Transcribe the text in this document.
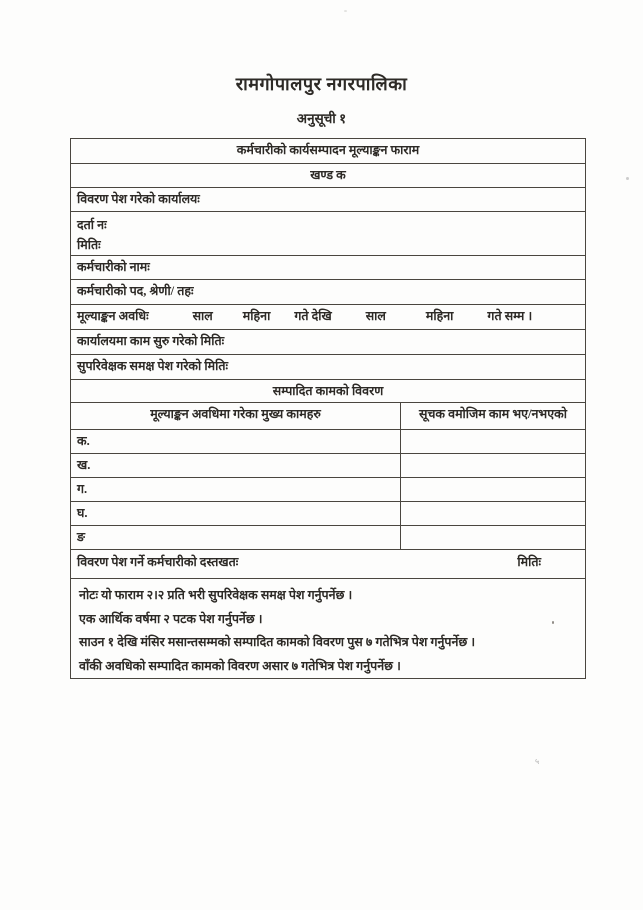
रामगोपालपुर नगरपालिका
अनुसूची १
कर्मचारीको कार्यसम्पादन मूल्याङ्कन फाराम
खण्ड क
विवरण पेश गरेको कार्यालयः
दर्ता नः
मितिः
कर्मचारीको नामः
कर्मचारीको पद, श्रेणी/ तहः
मूल्याङ्कन अवधिः	साल महिना गते देखि	साल	महिना	गते सम्म ।
कार्यालयमा काम सुरु गरेको मितिः
सुपरिवेक्षक समक्ष पेश गरेको मितिः
सम्पादित कामको विवरण
मूल्याङ्कन अवधिमा गरेका मुख्य कामहरु	सूचक वमोजिम काम भए/नभएको
क.
ख.
ग.
घ.
ङ
विवरण पेश गर्ने कर्मचारीको दस्तखतः	मितिः
नोटः यो फाराम २।२ प्रति भरी सुपरिवेक्षक समक्ष पेश गर्नुपर्नेछ ।
एक आर्थिक वर्षमा २ पटक पेश गर्नुपर्नेछ ।
साउन १ देखि मंसिर मसान्तसम्मको सम्पादित कामको विवरण पुस ७ गतेभित्र पेश गर्नुपर्नेछ ।
वाँकी अवधिको सम्पादित कामको विवरण असार ७ गतेभित्र पेश गर्नुपर्नेछ ।
५
